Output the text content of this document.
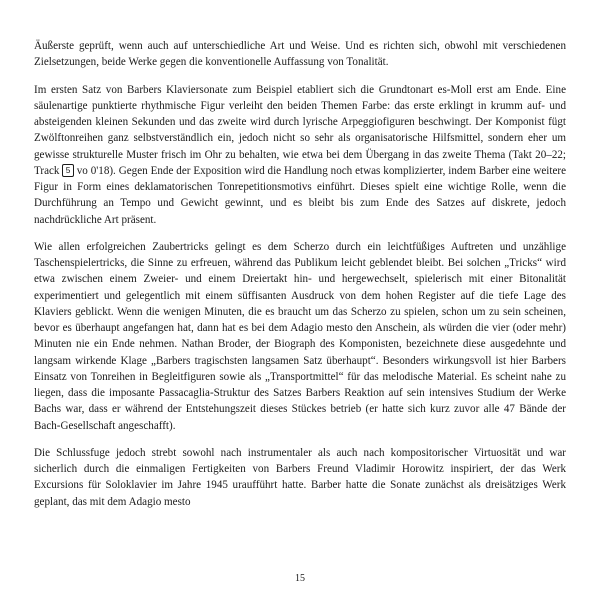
Äußerste geprüft, wenn auch auf unterschiedliche Art und Weise. Und es richten sich, obwohl mit verschiedenen Zielsetzungen, beide Werke gegen die konventionelle Auffassung von Tonalität.

Im ersten Satz von Barbers Klaviersonate zum Beispiel etabliert sich die Grundtonart es-Moll erst am Ende. Eine säulenartige punktierte rhythmische Figur verleiht den beiden Themen Farbe: das erste erklingt in krumm auf- und absteigenden kleinen Sekunden und das zweite wird durch lyrische Arpeggiofiguren beschwingt. Der Komponist fügt Zwölftonreihen ganz selbstverständlich ein, jedoch nicht so sehr als organisatorische Hilfsmittel, sondern eher um gewisse strukturelle Muster frisch im Ohr zu behalten, wie etwa bei dem Übergang in das zweite Thema (Takt 20–22; Track 5 vo 0'18). Gegen Ende der Exposition wird die Handlung noch etwas komplizierter, indem Barber eine weitere Figur in Form eines deklamatorischen Tonrepetitionsmotivs einführt. Dieses spielt eine wichtige Rolle, wenn die Durchführung an Tempo und Gewicht gewinnt, und es bleibt bis zum Ende des Satzes auf diskrete, jedoch nachdrückliche Art präsent.

Wie allen erfolgreichen Zaubertricks gelingt es dem Scherzo durch ein leichtfüßiges Auftreten und unzählige Taschenspielertricks, die Sinne zu erfreuen, während das Publikum leicht geblendet bleibt. Bei solchen „Tricks“ wird etwa zwischen einem Zweier- und einem Dreiertakt hin- und hergewechselt, spielerisch mit einer Bitonalität experimentiert und gelegentlich mit einem süffisanten Ausdruck von dem hohen Register auf die tiefe Lage des Klaviers geblickt. Wenn die wenigen Minuten, die es braucht um das Scherzo zu spielen, schon um zu sein scheinen, bevor es überhaupt angefangen hat, dann hat es bei dem Adagio mesto den Anschein, als würden die vier (oder mehr) Minuten nie ein Ende nehmen. Nathan Broder, der Biograph des Komponisten, bezeichnete diese ausgedehnte und langsam wirkende Klage „Barbers tragischsten langsamen Satz überhaupt“. Besonders wirkungsvoll ist hier Barbers Einsatz von Tonreihen in Begleitfiguren sowie als „Transportmittel“ für das melodische Material. Es scheint nahe zu liegen, dass die imposante Passacaglia-Struktur des Satzes Barbers Reaktion auf sein intensives Studium der Werke Bachs war, dass er während der Entstehungszeit dieses Stückes betrieb (er hatte sich kurz zuvor alle 47 Bände der Bach-Gesellschaft angeschafft).

Die Schlussfuge jedoch strebt sowohl nach instrumentaler als auch nach kompositorischer Virtuosität und war sicherlich durch die einmaligen Fertigkeiten von Barbers Freund Vladimir Horowitz inspiriert, der das Werk Excursions für Soloklavier im Jahre 1945 uraufführt hatte. Barber hatte die Sonate zunächst als dreisätziges Werk geplant, das mit dem Adagio mesto

15
